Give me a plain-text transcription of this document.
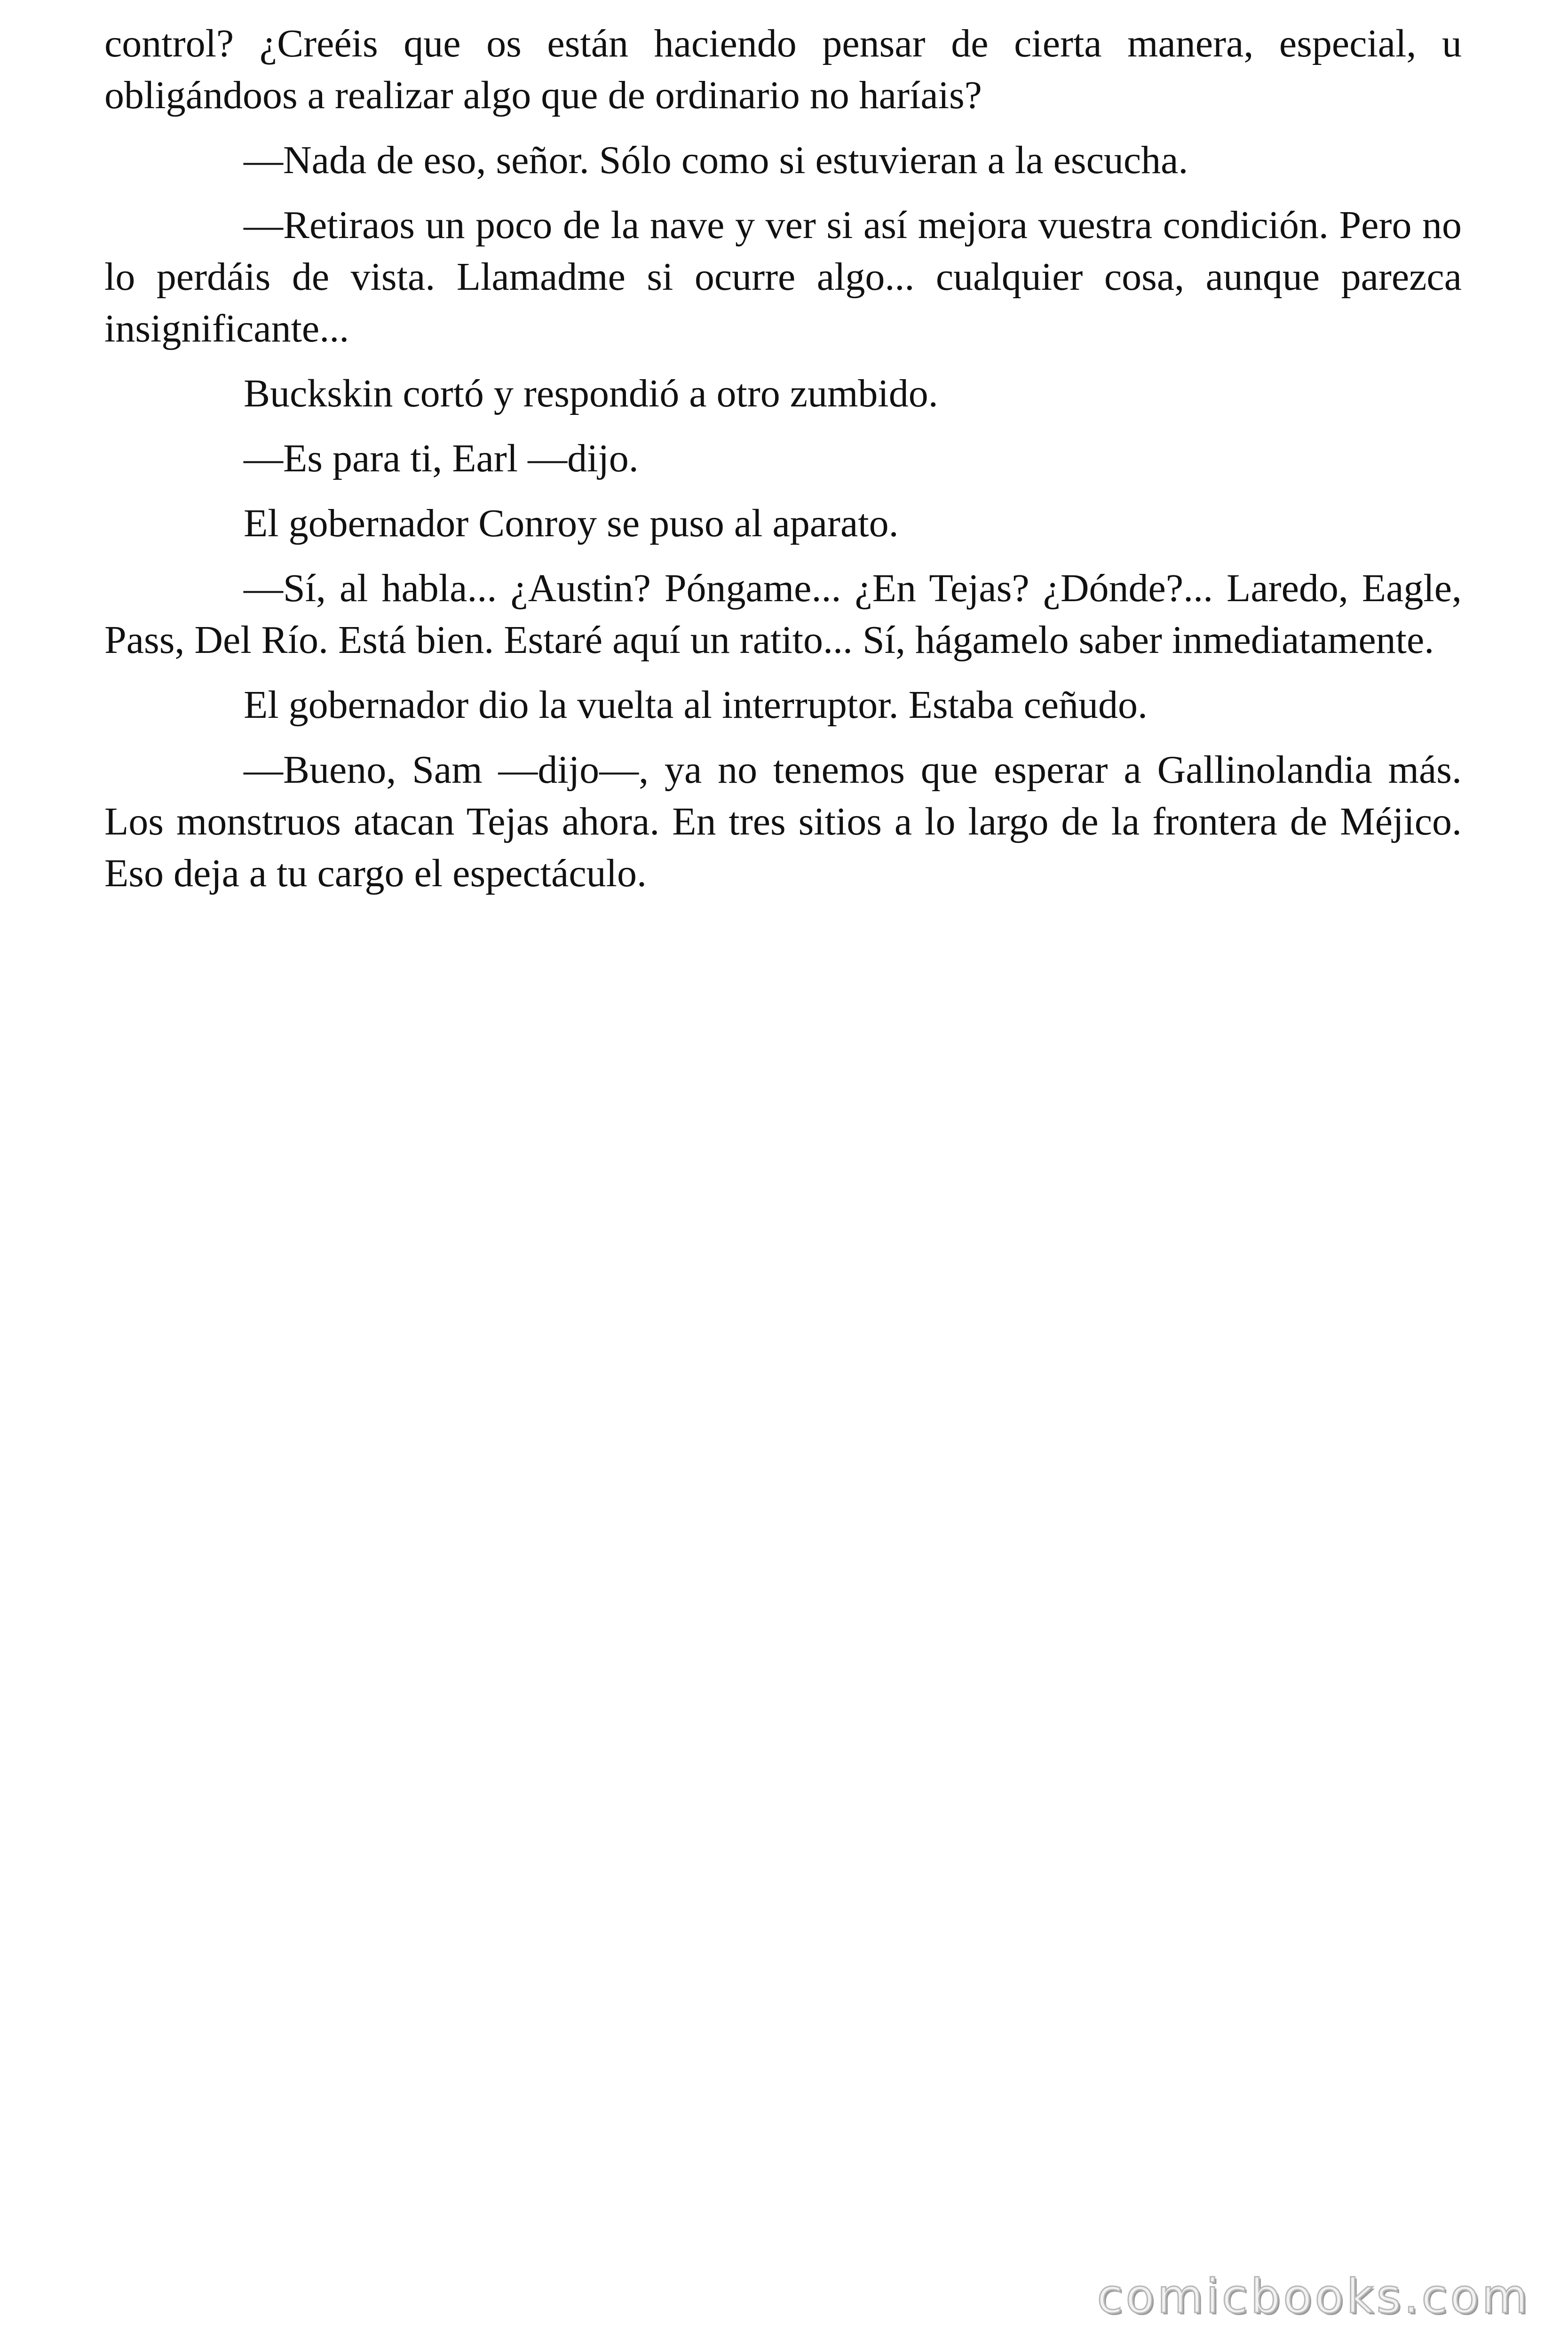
control? ¿Creéis que os están haciendo pensar de cierta manera, especial, u obligándoos a realizar algo que de ordinario no haríais?

—Nada de eso, señor. Sólo como si estuvieran a la escucha.

—Retiraos un poco de la nave y ver si así mejora vuestra condición. Pero no lo perdáis de vista. Llamadme si ocurre algo... cualquier cosa, aunque parezca insignificante...

Buckskin cortó y respondió a otro zumbido.

—Es para ti, Earl —dijo.

El gobernador Conroy se puso al aparato.

—Sí, al habla... ¿Austin? Póngame... ¿En Tejas? ¿Dónde?... Laredo, Eagle, Pass, Del Río. Está bien. Estaré aquí un ratito... Sí, hágamelo saber inmediatamente.

El gobernador dio la vuelta al interruptor. Estaba ceñudo.

—Bueno, Sam —dijo—, ya no tenemos que esperar a Gallinolandia más. Los monstruos atacan Tejas ahora. En tres sitios a lo largo de la frontera de Méjico. Eso deja a tu cargo el espectáculo.

comicbooks.com
